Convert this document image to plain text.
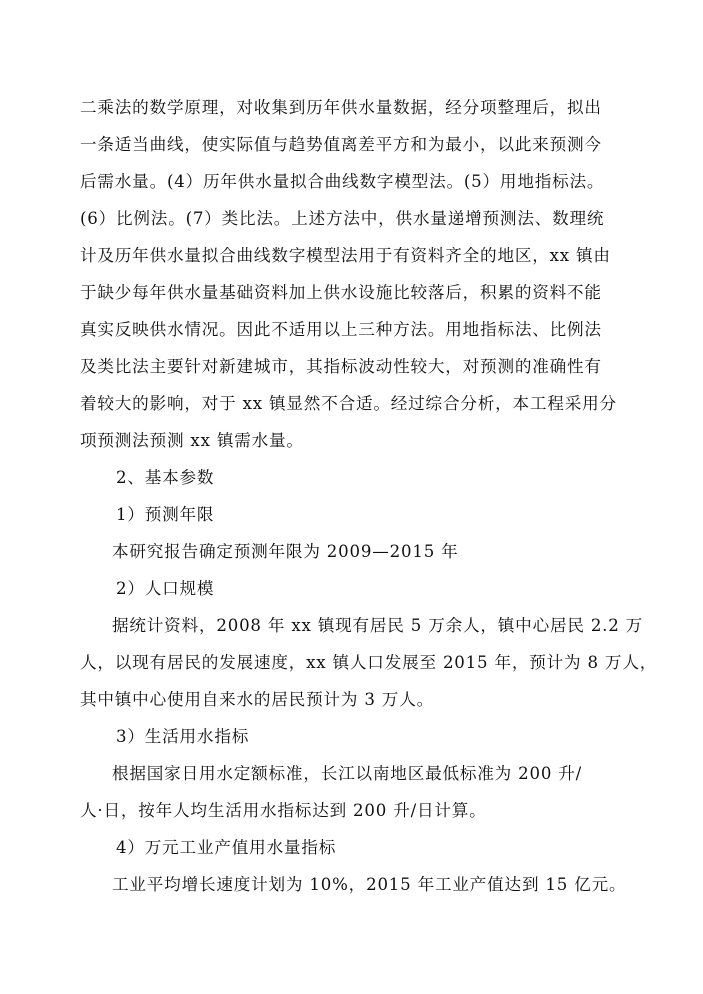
二乘法的数学原理，对收集到历年供水量数据，经分项整理后，拟出
一条适当曲线，使实际值与趋势值离差平方和为最小，以此来预测今
后需水量。(4）历年供水量拟合曲线数字模型法。(5）用地指标法。
(6）比例法。(7）类比法。上述方法中，供水量递增预测法、数理统
计及历年供水量拟合曲线数字模型法用于有资料齐全的地区，xx 镇由
于缺少每年供水量基础资料加上供水设施比较落后，积累的资料不能
真实反映供水情况。因此不适用以上三种方法。用地指标法、比例法
及类比法主要针对新建城市，其指标波动性较大，对预测的准确性有
着较大的影响，对于 xx 镇显然不合适。经过综合分析，本工程采用分
项预测法预测 xx 镇需水量。
2、基本参数
1）预测年限
本研究报告确定预测年限为 2009—2015 年
2）人口规模
据统计资料，2008 年 xx 镇现有居民 5 万余人，镇中心居民 2.2 万
人，以现有居民的发展速度，xx 镇人口发展至 2015 年，预计为 8 万人，
其中镇中心使用自来水的居民预计为 3 万人。
3）生活用水指标
根据国家日用水定额标准，长江以南地区最低标准为 200 升/
人·日，按年人均生活用水指标达到 200 升/日计算。
4）万元工业产值用水量指标
工业平均增长速度计划为 10%，2015 年工业产值达到 15 亿元。
